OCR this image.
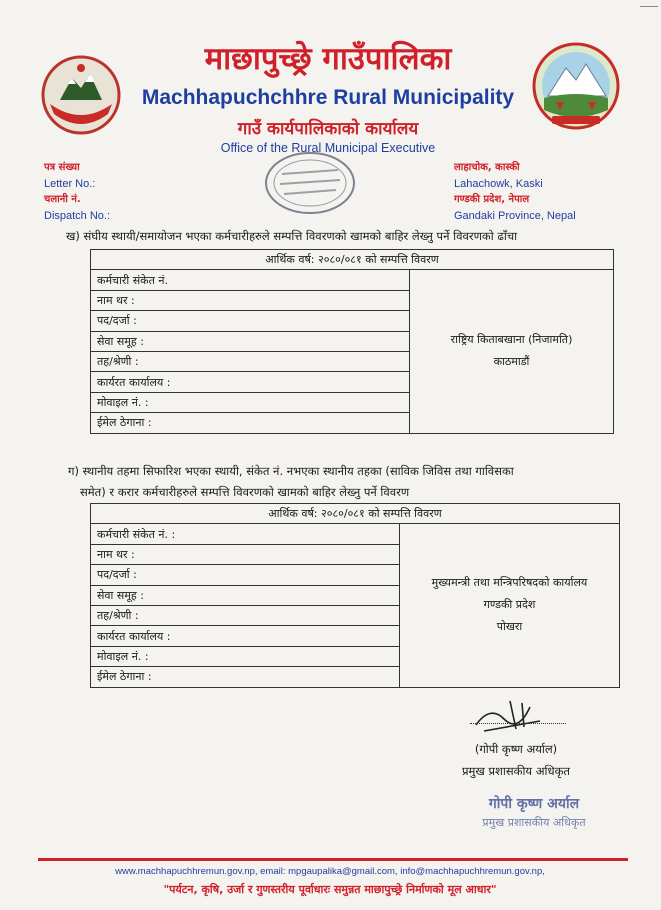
माछापुच्छ्रे गाउँपालिका
Machhapuchchhre Rural Municipality
गाउँ कार्यपालिकाको कार्यालय
Office of the Rural Municipal Executive
पत्र संख्या
Letter No.:
चलानी नं.
Dispatch No.:
लाहाचोक, कास्की
Lahachowk, Kaski
गण्डकी प्रदेश, नेपाल
Gandaki Province, Nepal
ख) संघीय स्थायी/समायोजन भएका कर्मचारीहरुले सम्पत्ति विवरणको खामको बाहिर लेख्नु पर्ने विवरणको ढाँचा
आर्थिक वर्ष: २०८०/०८१ को सम्पत्ति विवरण
कर्मचारी संकेत नं.	
राष्ट्रिय किताबखाना (निजामति)
काठमाडौं

नाम थर :
पद/दर्जा :
सेवा समूह :
तह/श्रेणी :
कार्यरत कार्यालय :
मोवाइल नं. :
ईमेल ठेगाना :
ग) स्थानीय तहमा सिफारिश भएका स्थायी, संकेत नं. नभएका स्थानीय तहका (साविक जिविस तथा गाविसका
समेत) र करार कर्मचारीहरुले सम्पत्ति विवरणको खामको बाहिर लेख्नु पर्ने विवरण
आर्थिक वर्ष: २०८०/०८१ को सम्पत्ति विवरण
कर्मचारी संकेत नं. :	
मुख्यमन्त्री तथा मन्त्रिपरिषदको कार्यालय
गण्डकी प्रदेश
पोखरा

नाम थर :
पद/दर्जा :
सेवा समूह :
तह/श्रेणी :
कार्यरत कार्यालय :
मोवाइल नं. :
ईमेल ठेगाना :
(गोपी कृष्ण अर्याल)
प्रमुख प्रशासकीय अधिकृत
गोपी कृष्ण अर्याल
प्रमुख प्रशासकीय अधिकृत
www.machhapuchhremun.gov.np, email: mpgaupalika@gmail.com, info@machhapuchhremun.gov.np,
"पर्यटन, कृषि, उर्जा र गुणस्तरीय पूर्वाधारः समुन्नत माछापुच्छ्रे निर्माणको मूल आधार"
